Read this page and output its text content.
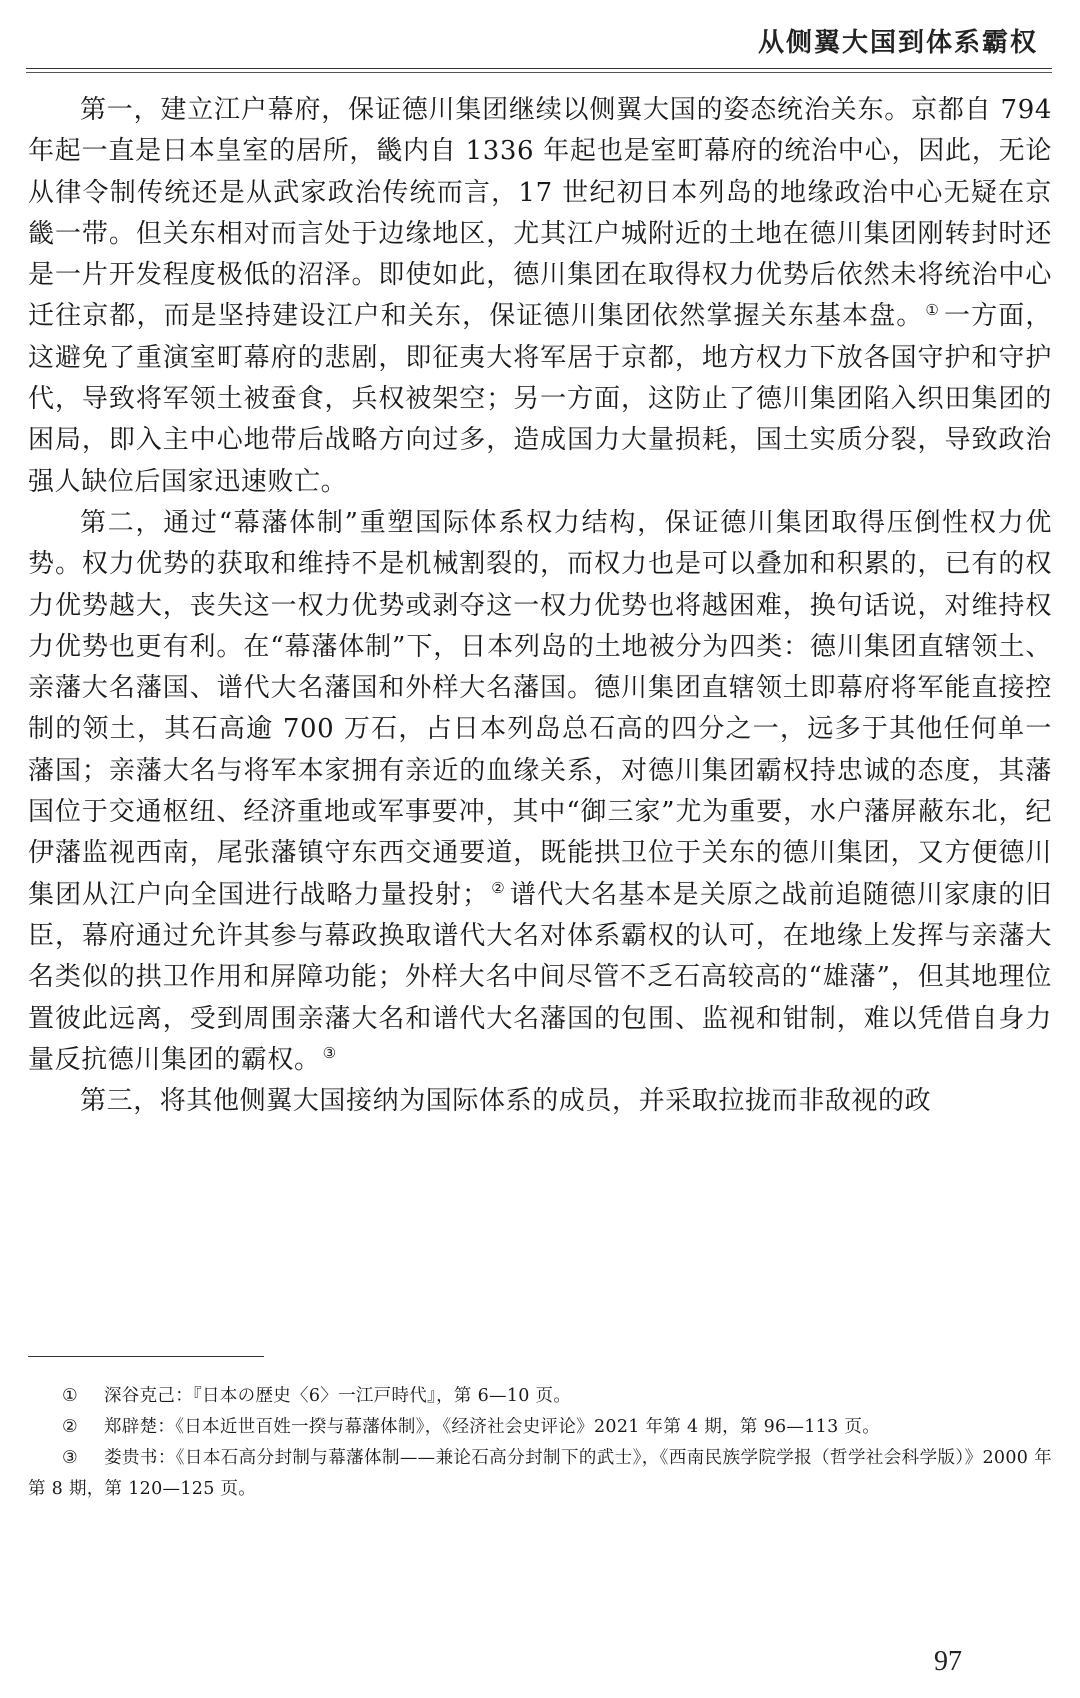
从侧翼大国到体系霸权

第一，建立江户幕府，保证德川集团继续以侧翼大国的姿态统治关东。京都自 794 年起一直是日本皇室的居所，畿内自 1336 年起也是室町幕府的统治中心，因此，无论从律令制传统还是从武家政治传统而言，17 世纪初日本列岛的地缘政治中心无疑在京畿一带。但关东相对而言处于边缘地区，尤其江户城附近的土地在德川集团刚转封时还是一片开发程度极低的沼泽。即使如此，德川集团在取得权力优势后依然未将统治中心迁往京都，而是坚持建设江户和关东，保证德川集团依然掌握关东基本盘。 ① 一方面，这避免了重演室町幕府的悲剧，即征夷大将军居于京都，地方权力下放各国守护和守护代，导致将军领土被蚕食，兵权被架空；另一方面，这防止了德川集团陷入织田集团的困局，即入主中心地带后战略方向过多，造成国力大量损耗，国土实质分裂，导致政治强人缺位后国家迅速败亡。

第二，通过“幕藩体制”重塑国际体系权力结构，保证德川集团取得压倒性权力优势。权力优势的获取和维持不是机械割裂的，而权力也是可以叠加和积累的，已有的权力优势越大，丧失这一权力优势或剥夺这一权力优势也将越困难，换句话说，对维持权力优势也更有利。在“幕藩体制”下，日本列岛的土地被分为四类：德川集团直辖领土、亲藩大名藩国、谱代大名藩国和外样大名藩国。德川集团直辖领土即幕府将军能直接控制的领土，其石高逾 700 万石，占日本列岛总石高的四分之一，远多于其他任何单一藩国；亲藩大名与将军本家拥有亲近的血缘关系，对德川集团霸权持忠诚的态度，其藩国位于交通枢纽、经济重地或军事要冲，其中“御三家”尤为重要，水户藩屏蔽东北，纪伊藩监视西南，尾张藩镇守东西交通要道，既能拱卫位于关东的德川集团，又方便德川集团从江户向全国进行战略力量投射； ② 谱代大名基本是关原之战前追随德川家康的旧臣，幕府通过允许其参与幕政换取谱代大名对体系霸权的认可，在地缘上发挥与亲藩大名类似的拱卫作用和屏障功能；外样大名中间尽管不乏石高较高的“雄藩”，但其地理位置彼此远离，受到周围亲藩大名和谱代大名藩国的包围、监视和钳制，难以凭借自身力量反抗德川集团的霸权。 ③

第三，将其他侧翼大国接纳为国际体系的成员，并采取拉拢而非敌视的政

① 深谷克己：『日本の歴史〈6〉一江戸時代』，第 6—10 页。

② 郑辟楚：《日本近世百姓一揆与幕藩体制》，《经济社会史评论》2021 年第 4 期，第 96—113 页。

③ 娄贵书：《日本石高分封制与幕藩体制——兼论石高分封制下的武士》，《西南民族学院学报（哲学社会科学版）》2000 年第 8 期，第 120—125 页。

97
